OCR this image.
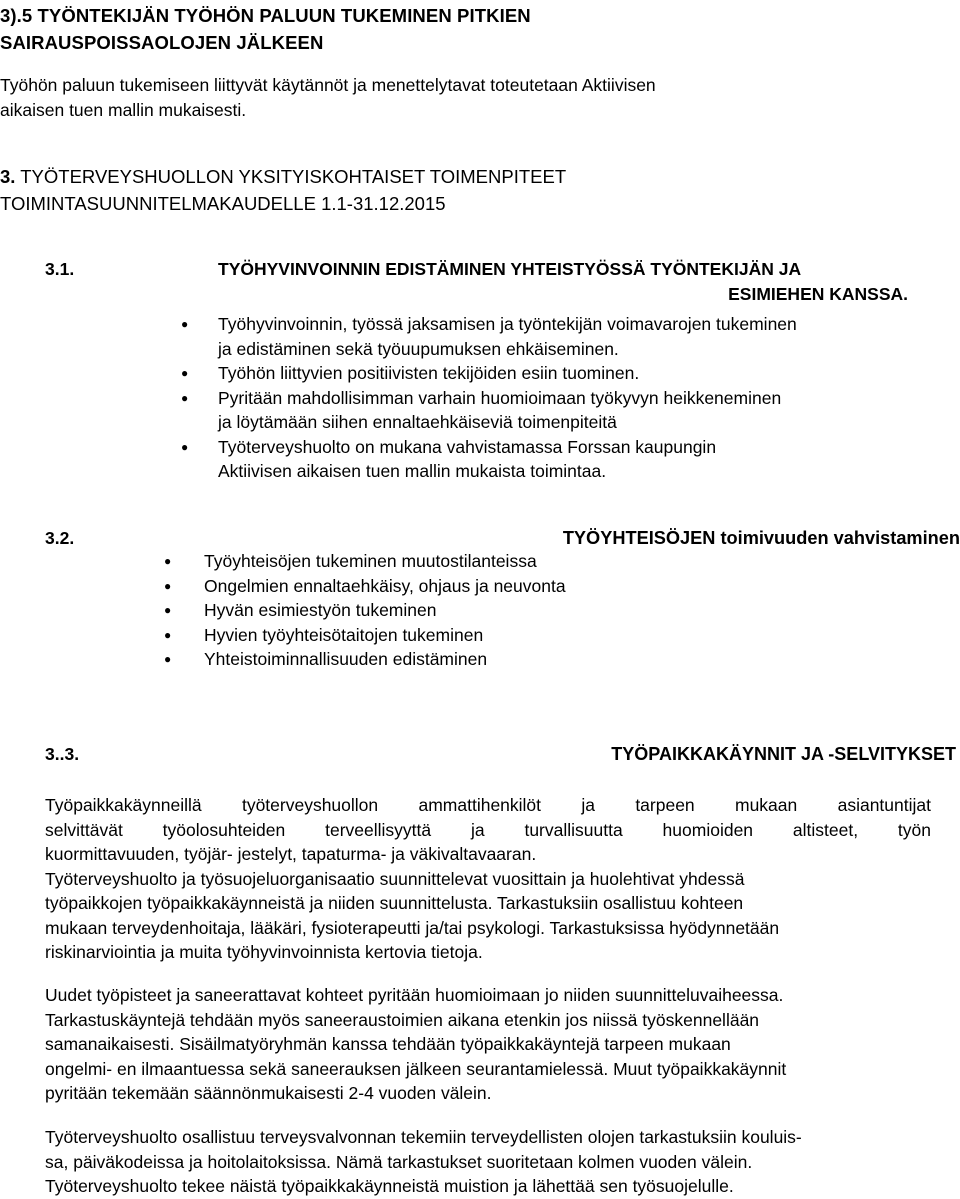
3).5 TYÖNTEKIJÄN TYÖHÖN PALUUN TUKEMINEN PITKIEN
SAIRAUSPOISSAOLOJEN JÄLKEEN
Työhön paluun tukemiseen liittyvät käytännöt ja menettelytavat toteutetaan Aktiivisen
aikaisen tuen mallin mukaisesti.
3. TYÖTERVEYSHUOLLON YKSITYISKOHTAISET TOIMENPITEET
TOIMINTASUUNNITELMAKAUDELLE 1.1-31.12.2015
3.1.	TYÖHYVINVOINNIN EDISTÄMINEN YHTEISTYÖSSÄ TYÖNTEKIJÄN JA
ESIMIEHEN KANSSA.
● Työhyvinvoinnin, työssä jaksamisen ja työntekijän voimavarojen tukeminen
ja edistäminen sekä työuupumuksen ehkäiseminen.
● Työhön liittyvien positiivisten tekijöiden esiin tuominen.
● Pyritään mahdollisimman varhain huomioimaan työkyvyn heikkeneminen
ja löytämään siihen ennaltaehkäiseviä toimenpiteitä
● Työterveyshuolto on mukana vahvistamassa Forssan kaupungin
Aktiivisen aikaisen tuen mallin mukaista toimintaa.
3.2.	TYÖYHTEISÖJEN toimivuuden vahvistaminen
● Työyhteisöjen tukeminen muutostilanteissa
● Ongelmien ennaltaehkäisy, ohjaus ja neuvonta
● Hyvän esimiestyön tukeminen
● Hyvien työyhteisötaitojen tukeminen
● Yhteistoiminnallisuuden edistäminen
3..3.	TYÖPAIKKAKÄYNNIT JA -SELVITYKSET
Työpaikkakäynneillä työterveyshuollon ammattihenkilöt ja tarpeen mukaan asiantuntijat
selvittävät työolosuhteiden terveellisyyttä ja turvallisuutta huomioiden altisteet, työn
kuormittavuuden, työjär- jestelyt, tapaturma- ja väkivaltavaaran.
Työterveyshuolto ja työsuojeluorganisaatio suunnittelevat vuosittain ja huolehtivat yhdessä
työpaikkojen työpaikkakäynneistä ja niiden suunnittelusta. Tarkastuksiin osallistuu kohteen
mukaan terveydenhoitaja, lääkäri, fysioterapeutti ja/tai psykologi. Tarkastuksissa hyödynnetään
riskinarviointia ja muita työhyvinvoinnista kertovia tietoja.
Uudet työpisteet ja saneerattavat kohteet pyritään huomioimaan jo niiden suunnitteluvaiheessa.
Tarkastuskäyntejä tehdään myös saneeraustoimien aikana etenkin jos niissä työskennellään
samanaikaisesti. Sisäilmatyöryhmän kanssa tehdään työpaikkakäyntejä tarpeen mukaan
ongelmi- en ilmaantuessa sekä saneerauksen jälkeen seurantamielessä. Muut työpaikkakäynnit
pyritään tekemään säännönmukaisesti 2-4 vuoden välein.
Työterveyshuolto osallistuu terveysvalvonnan tekemiin terveydellisten olojen tarkastuksiin kouluis-
sa, päiväkodeissa ja hoitolaitoksissa. Nämä tarkastukset suoritetaan kolmen vuoden välein.
Työterveyshuolto tekee näistä työpaikkakäynneistä muistion ja lähettää sen työsuojelulle.
